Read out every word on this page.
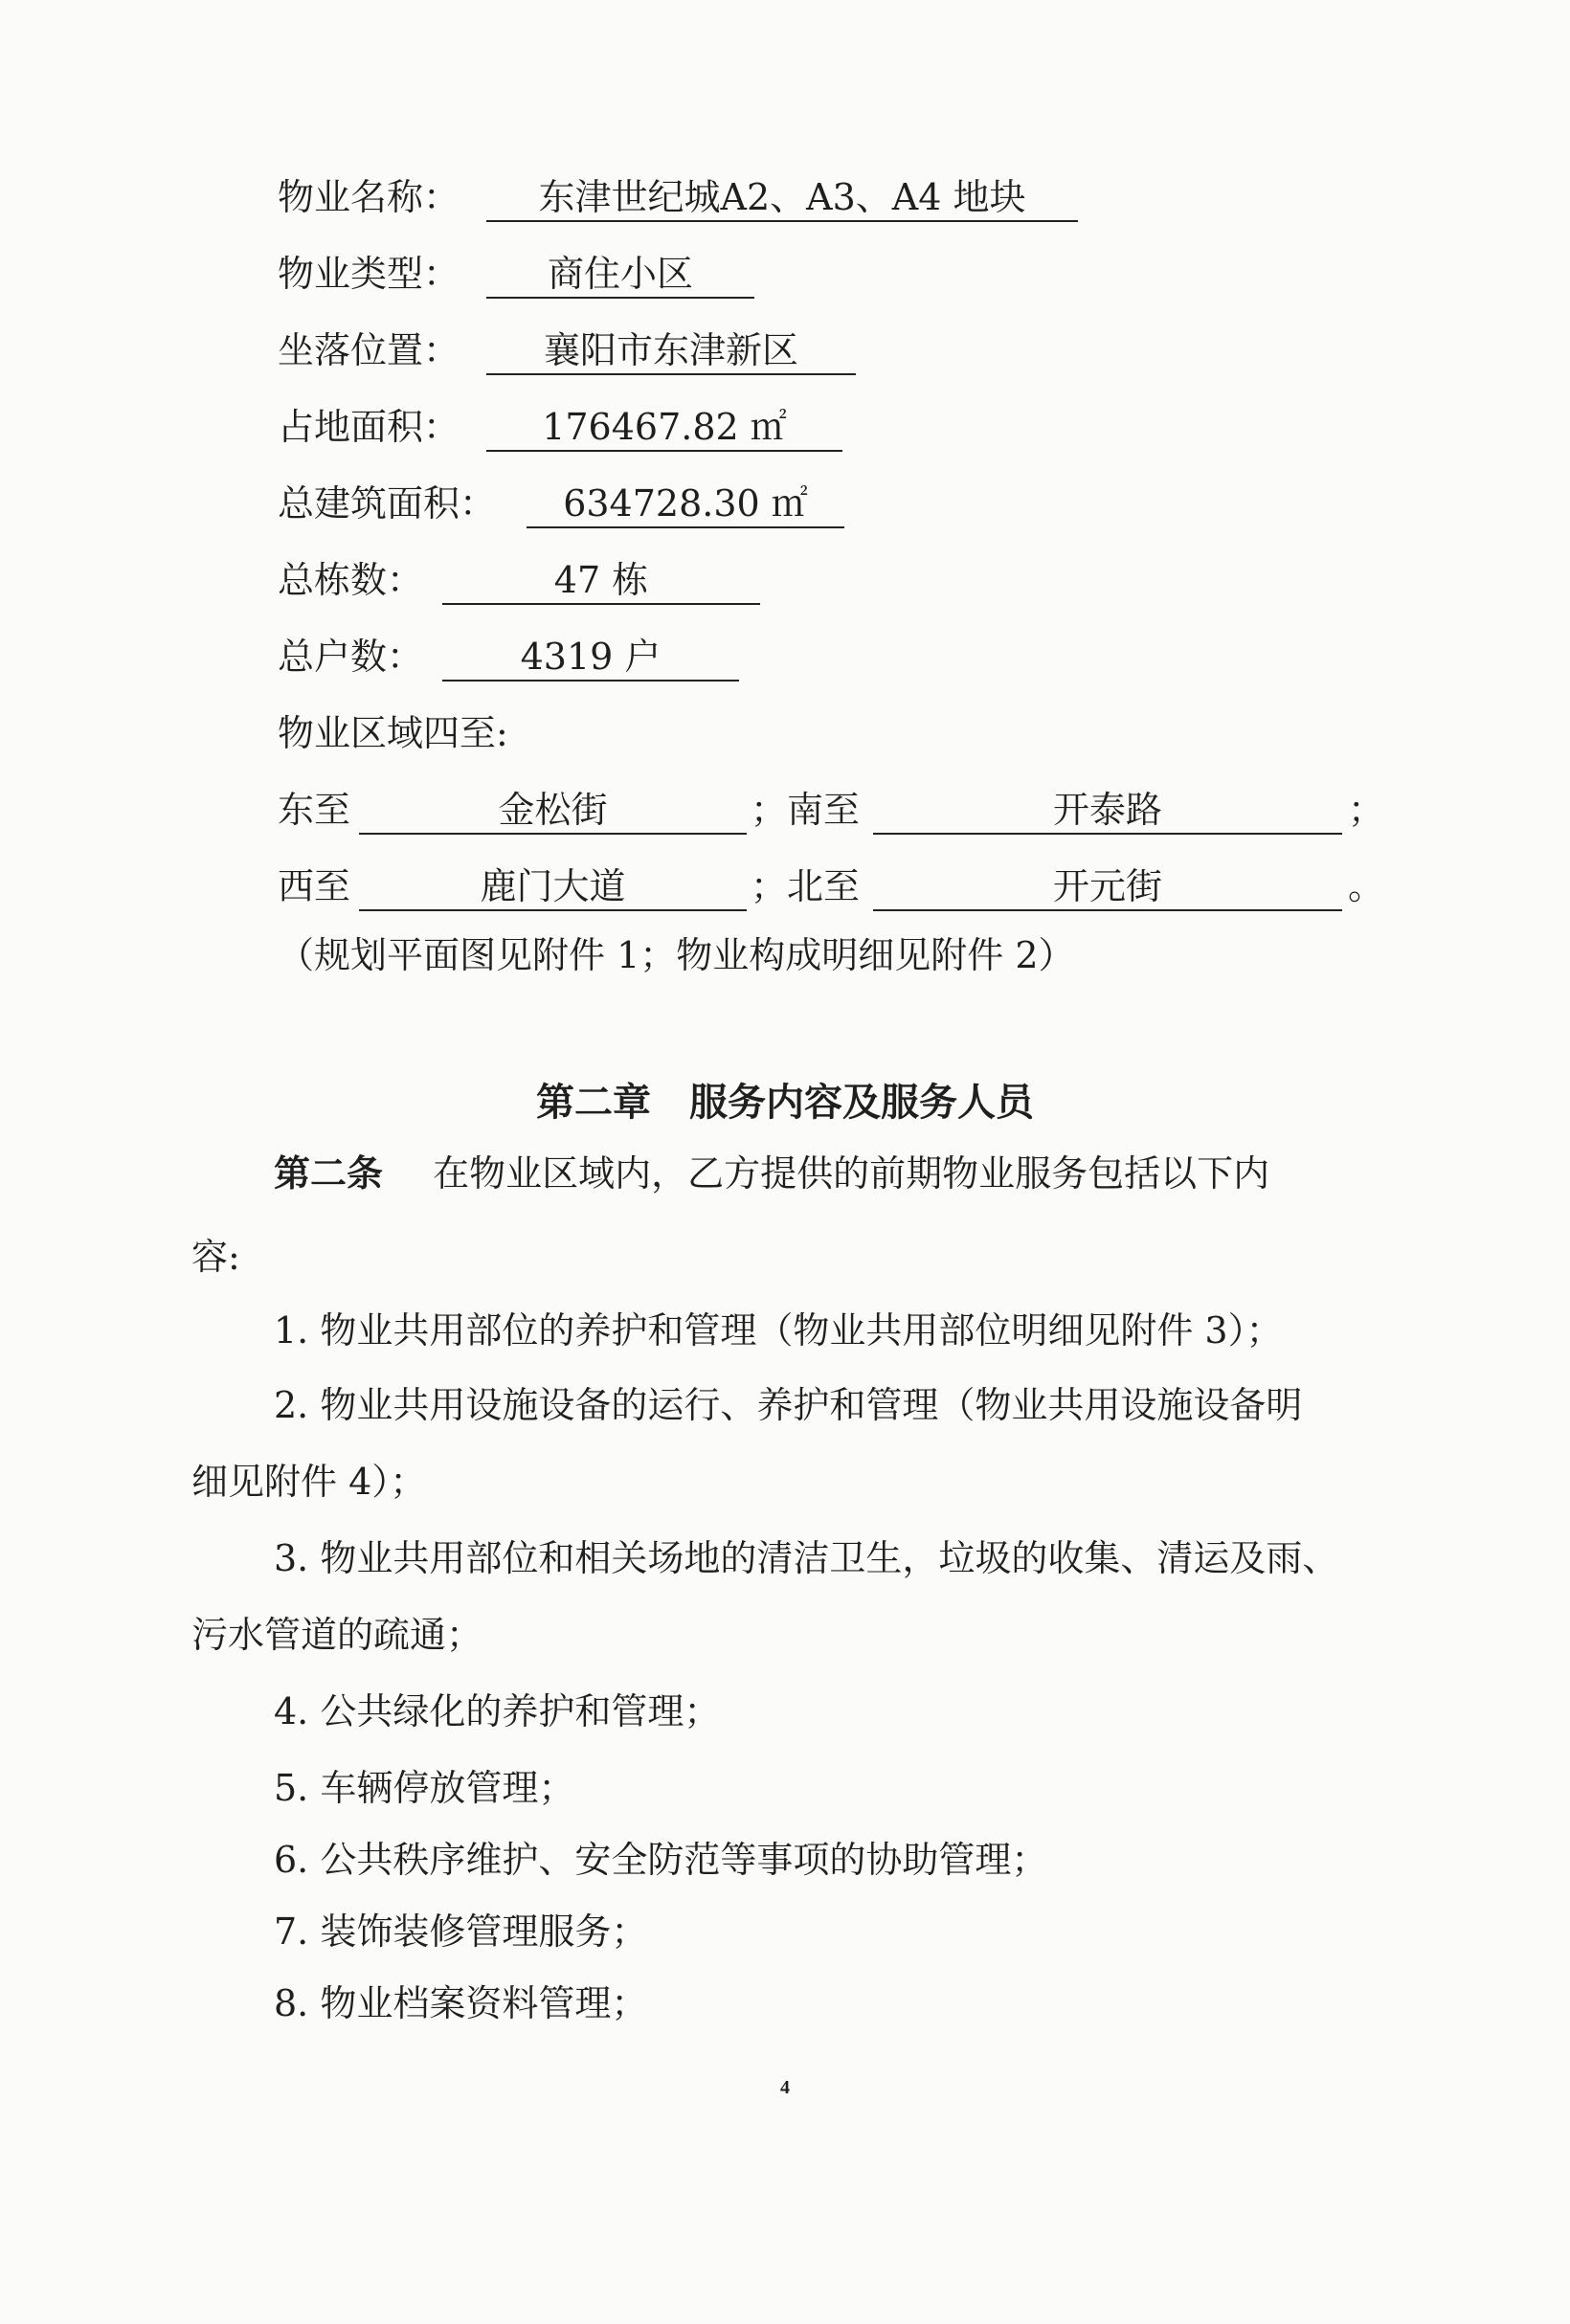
物业名称：	东津世纪城A2、A3、A4 地块
物业类型：	商住小区
坐落位置：	襄阳市东津新区
占地面积：	176467.82 ㎡
总建筑面积：	634728.30 ㎡
总栋数：	47 栋
总户数：	4319 户
物业区域四至:
东至	金松街	；南至	开泰路	；
西至	鹿门大道	；北至	开元街	。
（规划平面图见附件 1；物业构成明细见附件 2）
第二章　服务内容及服务人员
第二条 在物业区域内，乙方提供的前期物业服务包括以下内
容:
1. 物业共用部位的养护和管理（物业共用部位明细见附件 3）；
2. 物业共用设施设备的运行、养护和管理（物业共用设施设备明
细见附件 4）；
3. 物业共用部位和相关场地的清洁卫生，垃圾的收集、清运及雨、
污水管道的疏通；
4. 公共绿化的养护和管理；
5. 车辆停放管理；
6. 公共秩序维护、安全防范等事项的协助管理；
7. 装饰装修管理服务；
8. 物业档案资料管理；
4
